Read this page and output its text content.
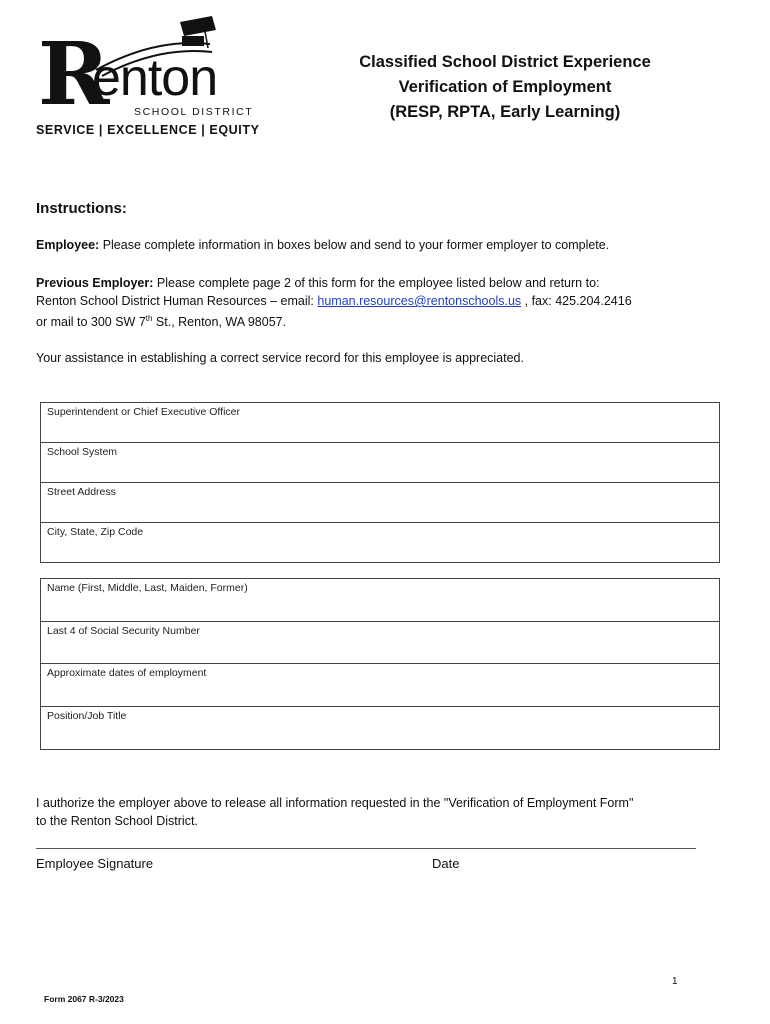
R
enton
SCHOOL DISTRICT
SERVICE | EXCELLENCE | EQUITY
Classified School District Experience
Verification of Employment
(RESP, RPTA, Early Learning)
Instructions:
Employee: Please complete information in boxes below and send to your former employer to complete.
Previous Employer: Please complete page 2 of this form for the employee listed below and return to:
Renton School District Human Resources – email: human.resources@rentonschools.us , fax: 425.204.2416
or mail to 300 SW 7th St., Renton, WA 98057.
Your assistance in establishing a correct service record for this employee is appreciated.
Superintendent or Chief Executive Officer
School System
Street Address
City, State, Zip Code
Name (First, Middle, Last, Maiden, Former)
Last 4 of Social Security Number
Approximate dates of employment
Position/Job Title
I authorize the employer above to release all information requested in the "Verification of Employment Form"
to the Renton School District.
Employee Signature	Date
1
Form 2067 R-3/2023
